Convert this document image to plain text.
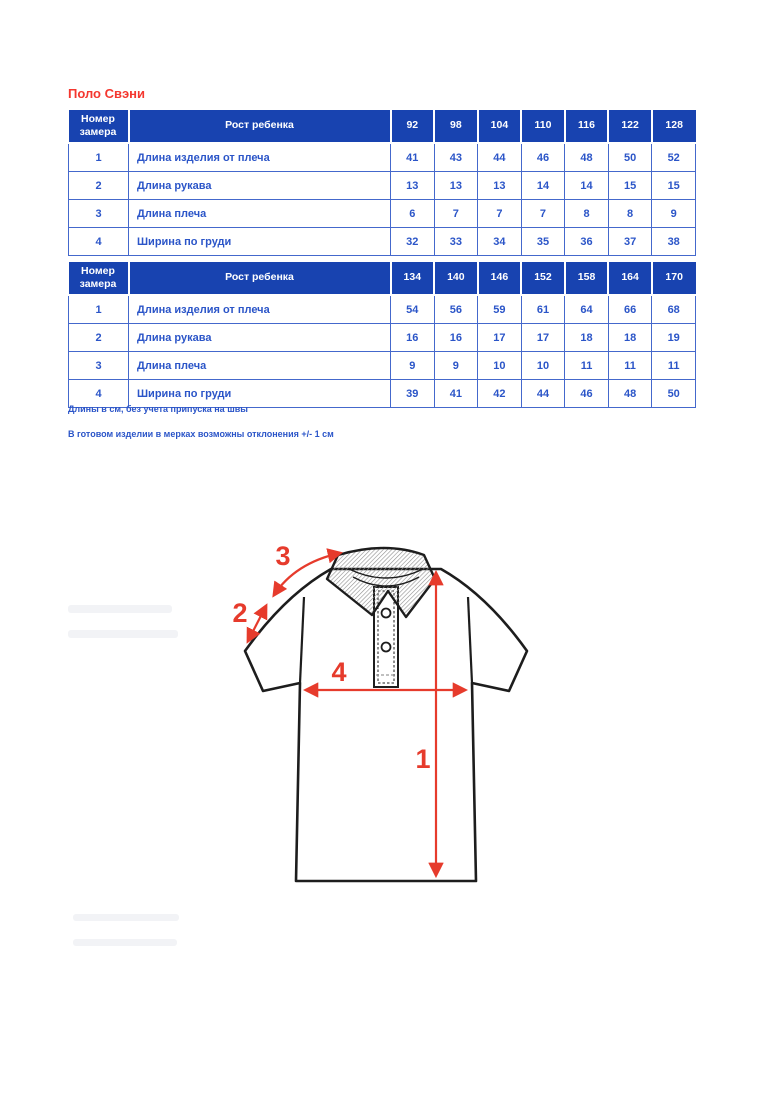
Поло Свэни
Номер замера	Рост ребенка	92	98	104	110	116	122	128
1	Длина изделия от плеча	41	43	44	46	48	50	52
2	Длина рукава	13	13	13	14	14	15	15
3	Длина плеча	6	7	7	7	8	8	9
4	Ширина по груди	32	33	34	35	36	37	38
Номер замера	Рост ребенка	134	140	146	152	158	164	170
1	Длина изделия от плеча	54	56	59	61	64	66	68
2	Длина рукава	16	16	17	17	18	18	19
3	Длина плеча	9	9	10	10	11	11	11
4	Ширина по груди	39	41	42	44	46	48	50
Длины в см, без учета припуска на швы
В готовом изделии в мерках возможны отклонения +/- 1 см
3
2
4
1
